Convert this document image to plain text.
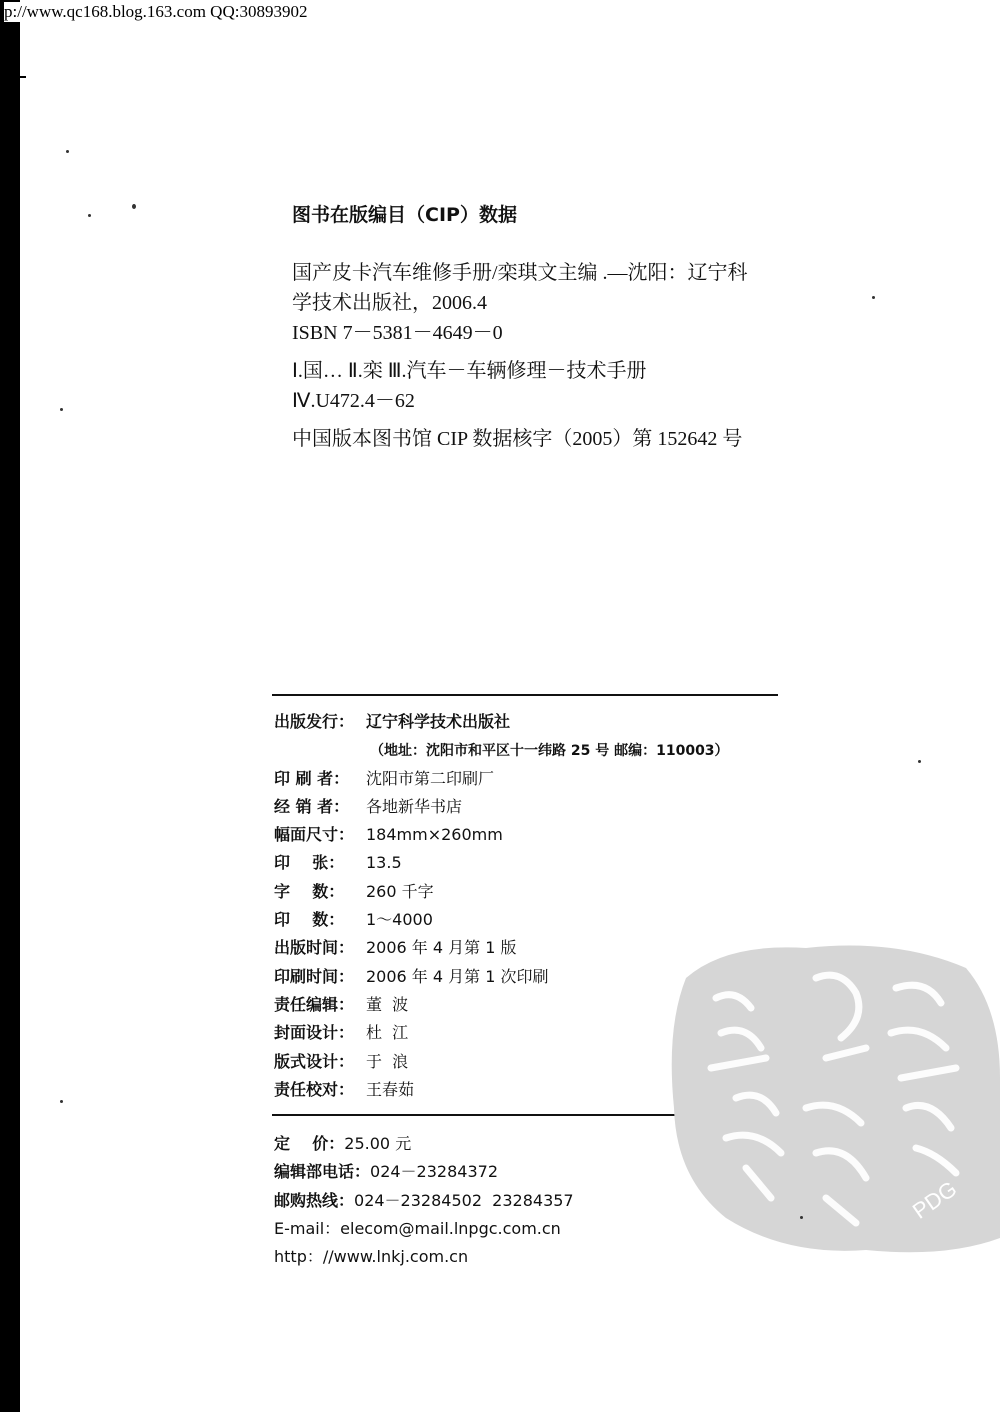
p://www.qc168.blog.163.com QQ:30893902
图书在版编目（CIP）数据
国产皮卡汽车维修手册/栾琪文主编 .—沈阳：辽宁科
学技术出版社，2006.4
ISBN 7－5381－4649－0
Ⅰ.国… Ⅱ.栾 Ⅲ.汽车－车辆修理－技术手册
Ⅳ.U472.4－62
中国版本图书馆 CIP 数据核字（2005）第 152642 号
出版发行： 辽宁科学技术出版社
（地址：沈阳市和平区十一纬路 25 号 邮编：110003）
印 刷 者： 沈阳市第二印刷厂
经 销 者： 各地新华书店
幅面尺寸： 184mm×260mm
印    张： 13.5
字    数： 260 千字
印    数： 1～4000
出版时间： 2006 年 4 月第 1 版
印刷时间： 2006 年 4 月第 1 次印刷
责任编辑： 董  波
封面设计： 杜  江
版式设计： 于  浪
责任校对： 王春茹
定    价：25.00 元
编辑部电话：024－23284372
邮购热线：024－23284502  23284357
E-mail：elecom@mail.lnpgc.com.cn
http：//www.lnkj.com.cn
PDG
